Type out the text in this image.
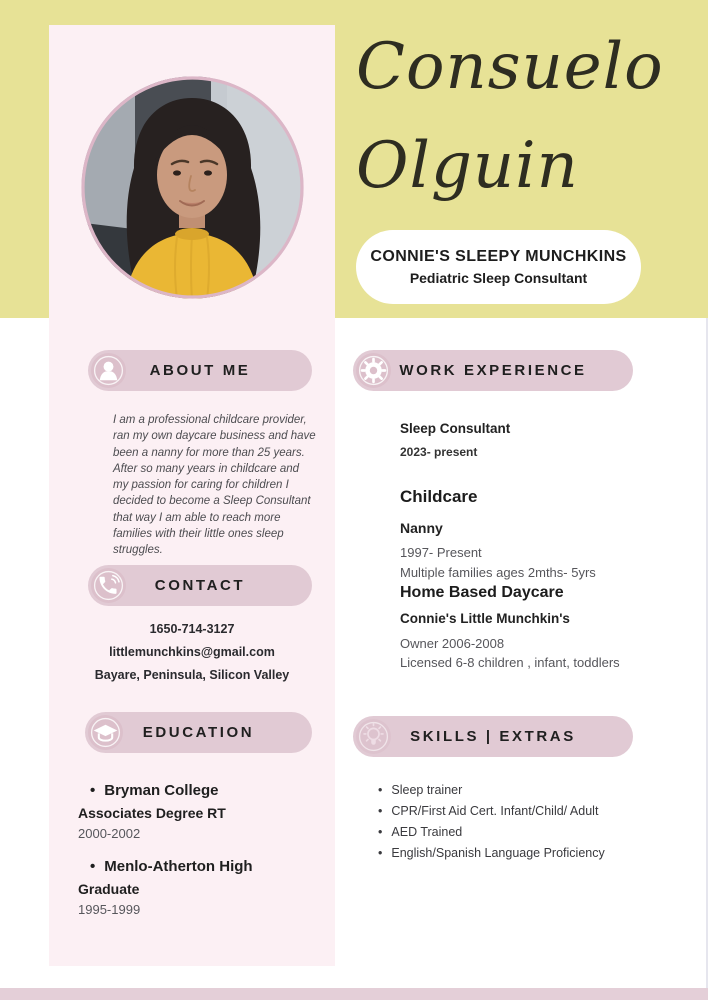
Consuelo
Olguin
CONNIE'S SLEEPY MUNCHKINS
Pediatric Sleep Consultant
ABOUT ME
I am a professional childcare provider, ran my own daycare business and have been a nanny for more than 25 years. After so many years in childcare and my passion for caring for children I decided to become a Sleep Consultant that way I am able to reach more families with their little ones sleep struggles.
CONTACT
1650-714-3127
littlemunchkins@gmail.com
Bayare, Peninsula, Silicon Valley
EDUCATION
• Bryman College
Associates Degree RT
2000-2002
• Menlo-Atherton High
Graduate
1995-1999
WORK EXPERIENCE
Sleep Consultant
2023- present
Childcare
Nanny
1997- Present
Multiple families ages 2mths- 5yrs
Home Based Daycare
Connie's Little Munchkin's
Owner 2006-2008
Licensed 6-8 children , infant, toddlers
SKILLS | EXTRAS
• Sleep trainer
• CPR/First Aid Cert. Infant/Child/ Adult
• AED Trained
• English/Spanish Language Proficiency
